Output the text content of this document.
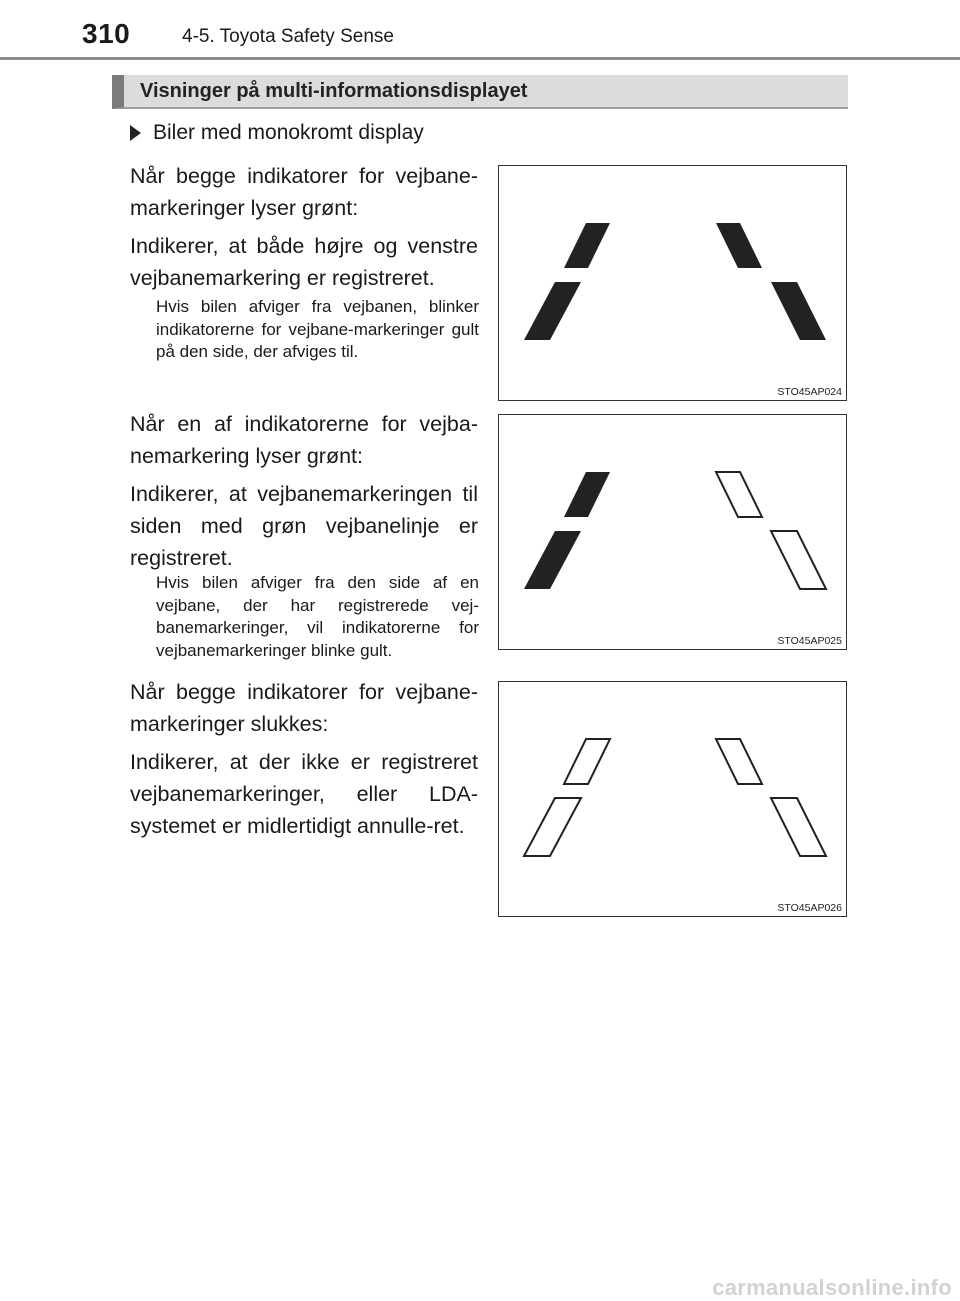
310	4-5. Toyota Safety Sense
Visninger på multi-informationsdisplayet
Biler med monokromt display

Når begge indikatorer for vejbane-markeringer lyser grønt:

Indikerer, at både højre og venstre vejbanemarkering er registreret.

Hvis bilen afviger fra vejbanen, blinker indikatorerne for vejbane-markeringer gult på den side, der afviges til.

STO45AP024

Når en af indikatorerne for vejba-nemarkering lyser grønt:

Indikerer, at vejbanemarkeringen til siden med grøn vejbanelinje er registreret.

Hvis bilen afviger fra den side af en vejbane, der har registrerede vej-banemarkeringer, vil indikatorerne for vejbanemarkeringer blinke gult.	STO45AP025

Når begge indikatorer for vejbane-markeringer slukkes:

Indikerer, at der ikke er registreret vejbanemarkeringer, eller LDA-systemet er midlertidigt annulle-ret.

STO45AP026
carmanualsonline.info
